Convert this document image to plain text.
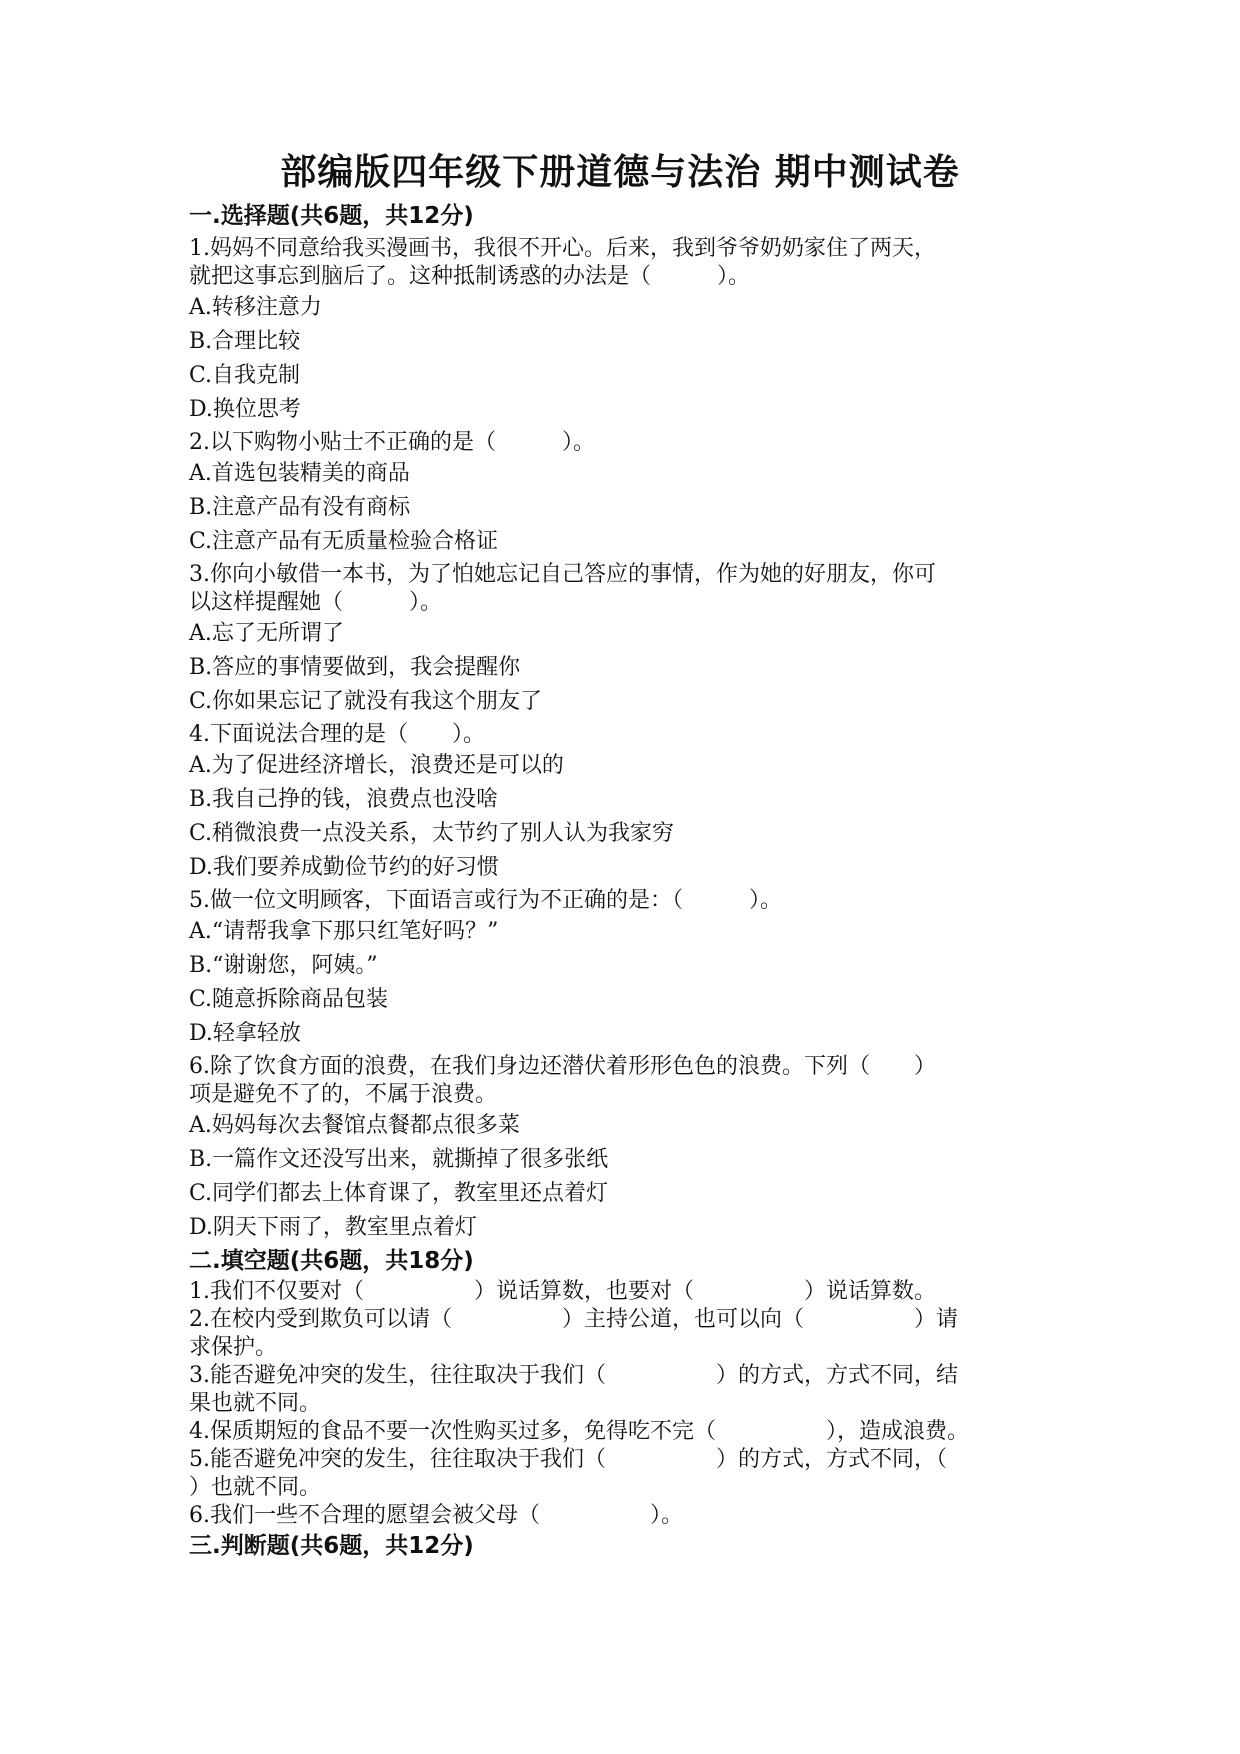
部编版四年级下册道德与法治 期中测试卷
一.选择题(共6题，共12分)
1.妈妈不同意给我买漫画书，我很不开心。后来，我到爷爷奶奶家住了两天，
就把这事忘到脑后了。这种抵制诱惑的办法是（　　　）。
A.转移注意力
B.合理比较
C.自我克制
D.换位思考
2.以下购物小贴士不正确的是（　　　）。
A.首选包装精美的商品
B.注意产品有没有商标
C.注意产品有无质量检验合格证
3.你向小敏借一本书，为了怕她忘记自己答应的事情，作为她的好朋友，你可
以这样提醒她（　　　）。
A.忘了无所谓了
B.答应的事情要做到，我会提醒你
C.你如果忘记了就没有我这个朋友了
4.下面说法合理的是（　　）。
A.为了促进经济增长，浪费还是可以的
B.我自己挣的钱，浪费点也没啥
C.稍微浪费一点没关系，太节约了别人认为我家穷
D.我们要养成勤俭节约的好习惯
5.做一位文明顾客，下面语言或行为不正确的是：（　　　）。
A.“请帮我拿下那只红笔好吗？”
B.“谢谢您，阿姨。”
C.随意拆除商品包装
D.轻拿轻放
6.除了饮食方面的浪费，在我们身边还潜伏着形形色色的浪费。下列（　　）
项是避免不了的，不属于浪费。
A.妈妈每次去餐馆点餐都点很多菜
B.一篇作文还没写出来，就撕掉了很多张纸
C.同学们都去上体育课了，教室里还点着灯
D.阴天下雨了，教室里点着灯
二.填空题(共6题，共18分)
1.我们不仅要对（　　　　　）说话算数，也要对（　　　　　）说话算数。
2.在校内受到欺负可以请（　　　　　）主持公道，也可以向（　　　　　）请
求保护。
3.能否避免冲突的发生，往往取决于我们（　　　　　）的方式，方式不同，结
果也就不同。
4.保质期短的食品不要一次性购买过多，免得吃不完（　　　　　），造成浪费。
5.能否避免冲突的发生，往往取决于我们（　　　　　）的方式，方式不同，（
）也就不同。
6.我们一些不合理的愿望会被父母（　　　　　）。
三.判断题(共6题，共12分)
